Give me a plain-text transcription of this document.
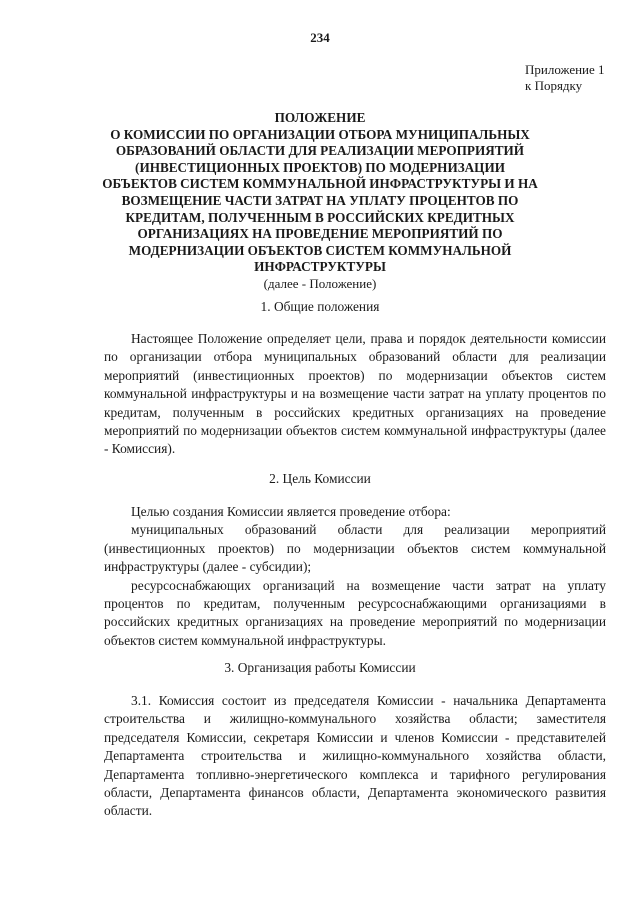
234
Приложение 1
к Порядку
ПОЛОЖЕНИЕ
О КОМИССИИ ПО ОРГАНИЗАЦИИ ОТБОРА МУНИЦИПАЛЬНЫХ ОБРАЗОВАНИЙ ОБЛАСТИ ДЛЯ РЕАЛИЗАЦИИ МЕРОПРИЯТИЙ (ИНВЕСТИЦИОННЫХ ПРОЕКТОВ) ПО МОДЕРНИЗАЦИИ ОБЪЕКТОВ СИСТЕМ КОММУНАЛЬНОЙ ИНФРАСТРУКТУРЫ И НА ВОЗМЕЩЕНИЕ ЧАСТИ ЗАТРАТ НА УПЛАТУ ПРОЦЕНТОВ ПО КРЕДИТАМ, ПОЛУЧЕННЫМ В РОССИЙСКИХ КРЕДИТНЫХ ОРГАНИЗАЦИЯХ НА ПРОВЕДЕНИЕ МЕРОПРИЯТИЙ ПО МОДЕРНИЗАЦИИ ОБЪЕКТОВ СИСТЕМ КОММУНАЛЬНОЙ ИНФРАСТРУКТУРЫ
(далее - Положение)
1. Общие положения
Настоящее Положение определяет цели, права и порядок деятельности комиссии по организации отбора муниципальных образований области для реализации мероприятий (инвестиционных проектов) по модернизации объектов систем коммунальной инфраструктуры и на возмещение части затрат на уплату процентов по кредитам, полученным в российских кредитных организациях на проведение мероприятий по модернизации объектов систем коммунальной инфраструктуры (далее - Комиссия).
2. Цель Комиссии

Целью создания Комиссии является проведение отбора:

муниципальных образований области для реализации мероприятий (инвестиционных проектов) по модернизации объектов систем коммунальной инфраструктуры (далее - субсидии);

ресурсоснабжающих организаций на возмещение части затрат на уплату процентов по кредитам, полученным ресурсоснабжающими организациями в российских кредитных организациях на проведение мероприятий по модернизации объектов систем коммунальной инфраструктуры.

3. Организация работы Комиссии
3.1. Комиссия состоит из председателя Комиссии - начальника Департамента строительства и жилищно-коммунального хозяйства области; заместителя председателя Комиссии, секретаря Комиссии и членов Комиссии - представителей Департамента строительства и жилищно-коммунального хозяйства области, Департамента топливно-энергетического комплекса и тарифного регулирования области, Департамента финансов области, Департамента экономического развития области.
